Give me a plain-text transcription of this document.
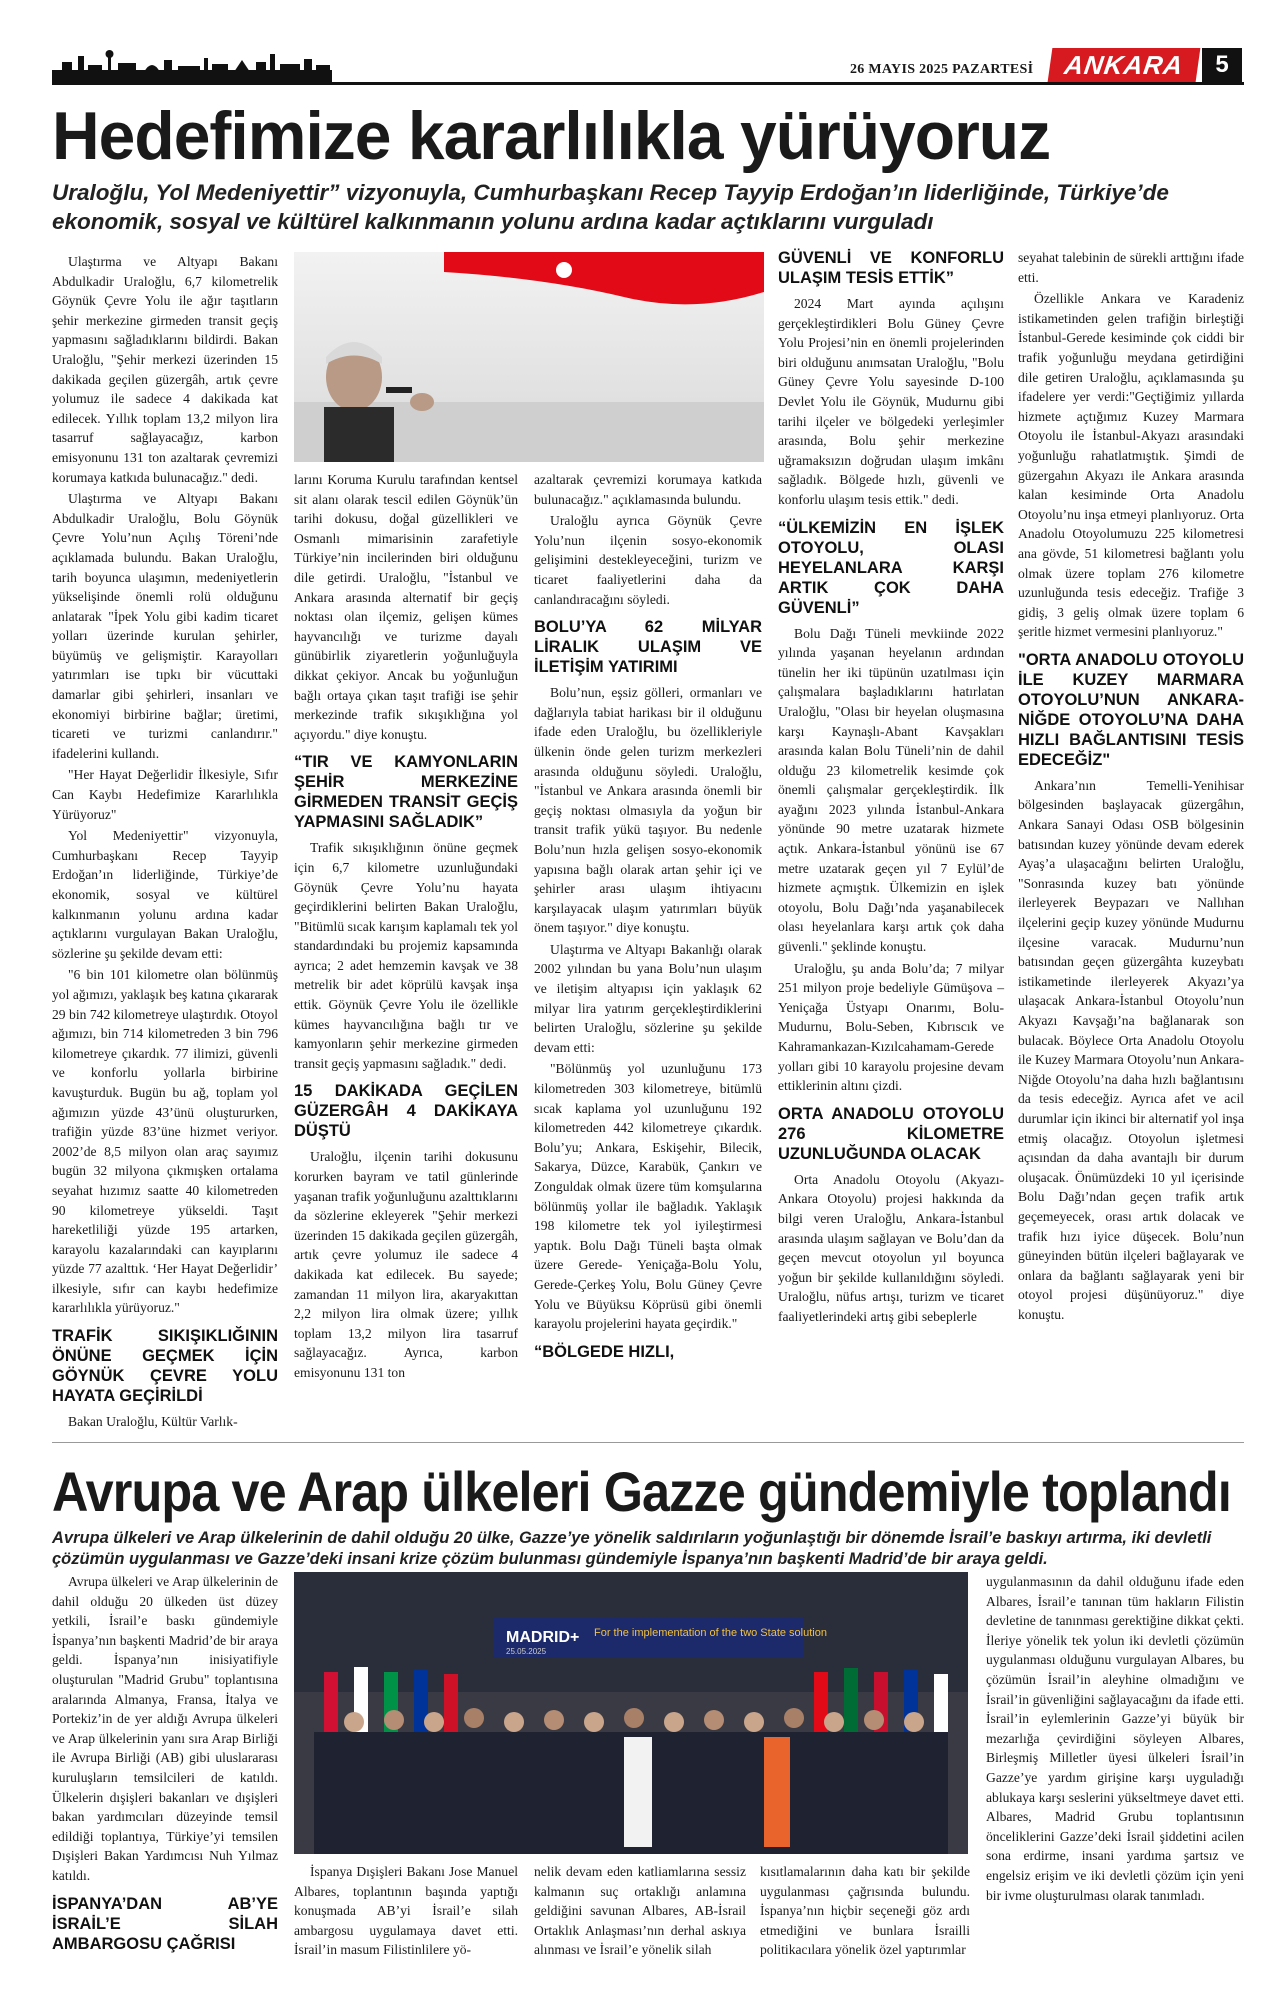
26 MAYIS 2025 PAZARTESİ	ANKARA	5
Hedefimize kararlılıkla yürüyoruz
Uraloğlu, Yol Medeniyettir” vizyonuyla, Cumhurbaşkanı Recep Tayyip Erdoğan’ın liderliğinde, Türkiye’de ekonomik, sosyal ve kültürel kalkınmanın yolunu ardına kadar açtıklarını vurguladı

Ulaştırma ve Altyapı Bakanı Abdulkadir Uraloğlu, 6,7 kilometrelik Göynük Çevre Yolu ile ağır taşıtların şehir merkezine girmeden transit geçiş yapmasını sağladıklarını bildirdi. Bakan Uraloğlu, "Şehir merkezi üzerinden 15 dakikada geçilen güzergâh, artık çevre yolumuz ile sadece 4 dakikada kat edilecek. Yıllık toplam 13,2 milyon lira tasarruf sağlayacağız, karbon emisyonunu 131 ton azaltarak çevremizi korumaya katkıda bulunacağız." dedi.

Ulaştırma ve Altyapı Bakanı Abdulkadir Uraloğlu, Bolu Göynük Çevre Yolu’nun Açılış Töreni’nde açıklamada bulundu. Bakan Uraloğlu, tarih boyunca ulaşımın, medeniyetlerin yükselişinde önemli rolü olduğunu anlatarak "İpek Yolu gibi kadim ticaret yolları üzerinde kurulan şehirler, büyümüş ve gelişmiştir. Karayolları yatırımları ise tıpkı bir vücuttaki damarlar gibi şehirleri, insanları ve ekonomiyi birbirine bağlar; üretimi, ticareti ve turizmi canlandırır." ifadelerini kullandı.

"Her Hayat Değerlidir İlkesiyle, Sıfır Can Kaybı Hedefimize Kararlılıkla Yürüyoruz"

Yol Medeniyettir" vizyonuyla, Cumhurbaşkanı Recep Tayyip Erdoğan’ın liderliğinde, Türkiye’de ekonomik, sosyal ve kültürel kalkınmanın yolunu ardına kadar açtıklarını vurgulayan Bakan Uraloğlu, sözlerine şu şekilde devam etti:

"6 bin 101 kilometre olan bölünmüş yol ağımızı, yaklaşık beş katına çıkararak 29 bin 742 kilometreye ulaştırdık. Otoyol ağımızı, bin 714 kilometreden 3 bin 796 kilometreye çıkardık. 77 ilimizi, güvenli ve konforlu yollarla birbirine kavuşturduk. Bugün bu ağ, toplam yol ağımızın yüzde 43’ünü oluştururken, trafiğin yüzde 83’üne hizmet veriyor. 2002’de 8,5 milyon olan araç sayımız bugün 32 milyona çıkmışken ortalama seyahat hızımız saatte 40 kilometreden 90 kilometreye yükseldi. Taşıt hareketliliği yüzde 195 artarken, karayolu kazalarındaki can kayıplarını yüzde 77 azalttık. ‘Her Hayat Değerlidir’ ilkesiyle, sıfır can kaybı hedefimize kararlılıkla yürüyoruz."

TRAFİK SIKIŞIKLIĞININ ÖNÜNE GEÇMEK İÇİN GÖYNÜK ÇEVRE YOLU HAYATA GEÇİRİLDİ

Bakan Uraloğlu, Kültür Varlık-

larını Koruma Kurulu tarafından kentsel sit alanı olarak tescil edilen Göynük’ün tarihi dokusu, doğal güzellikleri ve Osmanlı mimarisinin zarafetiyle Türkiye’nin incilerinden biri olduğunu dile getirdi. Uraloğlu, "İstanbul ve Ankara arasında alternatif bir geçiş noktası olan ilçemiz, gelişen kümes hayvancılığı ve turizme dayalı günübirlik ziyaretlerin yoğunluğuyla dikkat çekiyor. Ancak bu yoğunluğun bağlı ortaya çıkan taşıt trafiği ise şehir merkezinde trafik sıkışıklığına yol açıyordu." diye konuştu.

“TIR VE KAMYONLARIN ŞEHİR MERKEZİNE GİRMEDEN TRANSİT GEÇİŞ YAPMASINI SAĞLADIK”

Trafik sıkışıklığının önüne geçmek için 6,7 kilometre uzunluğundaki Göynük Çevre Yolu’nu hayata geçirdiklerini belirten Bakan Uraloğlu, "Bitümlü sıcak karışım kaplamalı tek yol standardındaki bu projemiz kapsamında ayrıca; 2 adet hemzemin kavşak ve 38 metrelik bir adet köprülü kavşak inşa ettik. Göynük Çevre Yolu ile özellikle kümes hayvancılığına bağlı tır ve kamyonların şehir merkezine girmeden transit geçiş yapmasını sağladık." dedi.

15 DAKİKADA GEÇİLEN GÜZERGÂH 4 DAKİKAYA DÜŞTÜ

Uraloğlu, ilçenin tarihi dokusunu korurken bayram ve tatil günlerinde yaşanan trafik yoğunluğunu azalttıklarını da sözlerine ekleyerek "Şehir merkezi üzerinden 15 dakikada geçilen güzergâh, artık çevre yolumuz ile sadece 4 dakikada kat edilecek. Bu sayede; zamandan 11 milyon lira, akaryakıttan 2,2 milyon lira olmak üzere; yıllık toplam 13,2 milyon lira tasarruf sağlayacağız. Ayrıca, karbon emisyonunu 131 ton

azaltarak çevremizi korumaya katkıda bulunacağız." açıklamasında bulundu.

Uraloğlu ayrıca Göynük Çevre Yolu’nun ilçenin sosyo-ekonomik gelişimini destekleyeceğini, turizm ve ticaret faaliyetlerini daha da canlandıracağını söyledi.

BOLU’YA 62 MİLYAR LİRALIK ULAŞIM VE İLETİŞİM YATIRIMI

Bolu’nun, eşsiz gölleri, ormanları ve dağlarıyla tabiat harikası bir il olduğunu ifade eden Uraloğlu, bu özellikleriyle ülkenin önde gelen turizm merkezleri arasında olduğunu söyledi. Uraloğlu, "İstanbul ve Ankara arasında önemli bir geçiş noktası olmasıyla da yoğun bir transit trafik yükü taşıyor. Bu nedenle Bolu’nun hızla gelişen sosyo-ekonomik yapısına bağlı olarak artan şehir içi ve şehirler arası ulaşım ihtiyacını karşılayacak ulaşım yatırımları büyük önem taşıyor." diye konuştu.

Ulaştırma ve Altyapı Bakanlığı olarak 2002 yılından bu yana Bolu’nun ulaşım ve iletişim altyapısı için yaklaşık 62 milyar lira yatırım gerçekleştirdiklerini belirten Uraloğlu, sözlerine şu şekilde devam etti:

"Bölünmüş yol uzunluğunu 173 kilometreden 303 kilometreye, bitümlü sıcak kaplama yol uzunluğunu 192 kilometreden 442 kilometreye çıkardık. Bolu’yu; Ankara, Eskişehir, Bilecik, Sakarya, Düzce, Karabük, Çankırı ve Zonguldak olmak üzere tüm komşularına bölünmüş yollar ile bağladık. Yaklaşık 198 kilometre tek yol iyileştirmesi yaptık. Bolu Dağı Tüneli başta olmak üzere Gerede- Yeniçağa-Bolu Yolu, Gerede-Çerkeş Yolu, Bolu Güney Çevre Yolu ve Büyüksu Köprüsü gibi önemli karayolu projelerini hayata geçirdik."

“BÖLGEDE HIZLI,
GÜVENLİ VE KONFORLU ULAŞIM TESİS ETTİK”

2024 Mart ayında açılışını gerçekleştirdikleri Bolu Güney Çevre Yolu Projesi’nin en önemli projelerinden biri olduğunu anımsatan Uraloğlu, "Bolu Güney Çevre Yolu sayesinde D-100 Devlet Yolu ile Göynük, Mudurnu gibi tarihi ilçeler ve bölgedeki yerleşimler arasında, Bolu şehir merkezine uğramaksızın doğrudan ulaşım imkânı sağladık. Bölgede hızlı, güvenli ve konforlu ulaşım tesis ettik." dedi.

“ÜLKEMİZİN EN İŞLEK OTOYOLU, OLASI HEYELANLARA KARŞI ARTIK ÇOK DAHA GÜVENLİ”

Bolu Dağı Tüneli mevkiinde 2022 yılında yaşanan heyelanın ardından tünelin her iki tüpünün uzatılması için çalışmalara başladıklarını hatırlatan Uraloğlu, "Olası bir heyelan oluşmasına karşı Kaynaşlı-Abant Kavşakları arasında kalan Bolu Tüneli’nin de dahil olduğu 23 kilometrelik kesimde çok önemli çalışmalar gerçekleştirdik. İlk ayağını 2023 yılında İstanbul-Ankara yönünde 90 metre uzatarak hizmete açtık. Ankara-İstanbul yönünü ise 67 metre uzatarak geçen yıl 7 Eylül’de hizmete açmıştık. Ülkemizin en işlek otoyolu, Bolu Dağı’nda yaşanabilecek olası heyelanlara karşı artık çok daha güvenli." şeklinde konuştu.

Uraloğlu, şu anda Bolu’da; 7 milyar 251 milyon proje bedeliyle Gümüşova –Yeniçağa Üstyapı Onarımı, Bolu-Mudurnu, Bolu-Seben, Kıbrıscık ve Kahramankazan-Kızılcahamam-Gerede yolları gibi 10 karayolu projesine devam ettiklerinin altını çizdi.

ORTA ANADOLU OTOYOLU 276 KİLOMETRE UZUNLUĞUNDA OLACAK

Orta Anadolu Otoyolu (Akyazı-Ankara Otoyolu) projesi hakkında da bilgi veren Uraloğlu, Ankara-İstanbul arasında ulaşım sağlayan ve Bolu’dan da geçen mevcut otoyolun yıl boyunca yoğun bir şekilde kullanıldığını söyledi. Uraloğlu, nüfus artışı, turizm ve ticaret faaliyetlerindeki artış gibi sebeplerle

seyahat talebinin de sürekli arttığını ifade etti.

Özellikle Ankara ve Karadeniz istikametinden gelen trafiğin birleştiği İstanbul-Gerede kesiminde çok ciddi bir trafik yoğunluğu meydana getirdiğini dile getiren Uraloğlu, açıklamasında şu ifadelere yer verdi:"Geçtiğimiz yıllarda hizmete açtığımız Kuzey Marmara Otoyolu ile İstanbul-Akyazı arasındaki yoğunluğu rahatlatmıştık. Şimdi de güzergahın Akyazı ile Ankara arasında kalan kesiminde Orta Anadolu Otoyolu’nu inşa etmeyi planlıyoruz. Orta Anadolu Otoyolumuzu 225 kilometresi ana gövde, 51 kilometresi bağlantı yolu olmak üzere toplam 276 kilometre uzunluğunda tesis edeceğiz. Trafiğe 3 gidiş, 3 geliş olmak üzere toplam 6 şeritle hizmet vermesini planlıyoruz."

"ORTA ANADOLU OTOYOLU İLE KUZEY MARMARA OTOYOLU’NUN ANKARA-NİĞDE OTOYOLU’NA DAHA HIZLI BAĞLANTISINI TESİS EDECEĞİZ"

Ankara’nın Temelli-Yenihisar bölgesinden başlayacak güzergâhın, Ankara Sanayi Odası OSB bölgesinin batısından kuzey yönünde devam ederek Ayaş’a ulaşacağını belirten Uraloğlu, "Sonrasında kuzey batı yönünde ilerleyerek Beypazarı ve Nallıhan ilçelerini geçip kuzey yönünde Mudurnu ilçesine varacak. Mudurnu’nun batısından geçen güzergâhta kuzeybatı istikametinde ilerleyerek Akyazı’ya ulaşacak Ankara-İstanbul Otoyolu’nun Akyazı Kavşağı’na bağlanarak son bulacak. Böylece Orta Anadolu Otoyolu ile Kuzey Marmara Otoyolu’nun Ankara-Niğde Otoyolu’na daha hızlı bağlantısını da tesis edeceğiz. Ayrıca afet ve acil durumlar için ikinci bir alternatif yol inşa etmiş olacağız. Otoyolun işletmesi açısından da daha avantajlı bir durum oluşacak. Önümüzdeki 10 yıl içerisinde Bolu Dağı’ndan geçen trafik artık geçemeyecek, orası artık dolacak ve trafik hızı iyice düşecek. Bolu’nun güneyinden bütün ilçeleri bağlayarak ve onlara da bağlantı sağlayarak yeni bir otoyol projesi düşünüyoruz." diye konuştu.

Avrupa ve Arap ülkeleri Gazze gündemiyle toplandı
Avrupa ülkeleri ve Arap ülkelerinin de dahil olduğu 20 ülke, Gazze’ye yönelik saldırıların yoğunlaştığı bir dönemde İsrail’e baskıyı artırma, iki devletli çözümün uygulanması ve Gazze’deki insani krize çözüm bulunması gündemiyle İspanya’nın başkenti Madrid’de bir araya geldi.
MADRID+ For the implementation of the two State solution
25.05.2025

Avrupa ülkeleri ve Arap ülkelerinin de dahil olduğu 20 ülkeden üst düzey yetkili, İsrail’e baskı gündemiyle İspanya’nın başkenti Madrid’de bir araya geldi. İspanya’nın inisiyatifiyle oluşturulan "Madrid Grubu" toplantısına aralarında Almanya, Fransa, İtalya ve Portekiz’in de yer aldığı Avrupa ülkeleri ve Arap ülkelerinin yanı sıra Arap Birliği ile Avrupa Birliği (AB) gibi uluslararası kuruluşların temsilcileri de katıldı. Ülkelerin dışişleri bakanları ve dışişleri bakan yardımcıları düzeyinde temsil edildiği toplantıya, Türkiye’yi temsilen Dışişleri Bakan Yardımcısı Nuh Yılmaz katıldı.

İSPANYA’DAN AB’YE İSRAİL’E SİLAH AMBARGOSU ÇAĞRISI

İspanya Dışişleri Bakanı Jose Manuel Albares, toplantının başında yaptığı konuşmada AB’yi İsrail’e silah ambargosu uygulamaya davet etti. İsrail’in masum Filistinlilere yö-

nelik devam eden katliamlarına sessiz kalmanın suç ortaklığı anlamına geldiğini savunan Albares, AB-İsrail Ortaklık Anlaşması’nın derhal askıya alınması ve İsrail’e yönelik silah

kısıtlamalarının daha katı bir şekilde uygulanması çağrısında bulundu. İspanya’nın hiçbir seçeneği göz ardı etmediğini ve bunlara İsrailli politikacılara yönelik özel yaptırımlar

uygulanmasının da dahil olduğunu ifade eden Albares, İsrail’e tanınan tüm hakların Filistin devletine de tanınması gerektiğine dikkat çekti. İleriye yönelik tek yolun iki devletli çözümün uygulanması olduğunu vurgulayan Albares, bu çözümün İsrail’in aleyhine olmadığını ve İsrail’in güvenliğini sağlayacağını da ifade etti. İsrail’in eylemlerinin Gazze’yi büyük bir mezarlığa çevirdiğini söyleyen Albares, Birleşmiş Milletler üyesi ülkeleri İsrail’in Gazze’ye yardım girişine karşı uyguladığı ablukaya karşı seslerini yükseltmeye davet etti. Albares, Madrid Grubu toplantısının önceliklerini Gazze’deki İsrail şiddetini acilen sona erdirme, insani yardıma şartsız ve engelsiz erişim ve iki devletli çözüm için yeni bir ivme oluşturulması olarak tanımladı.
